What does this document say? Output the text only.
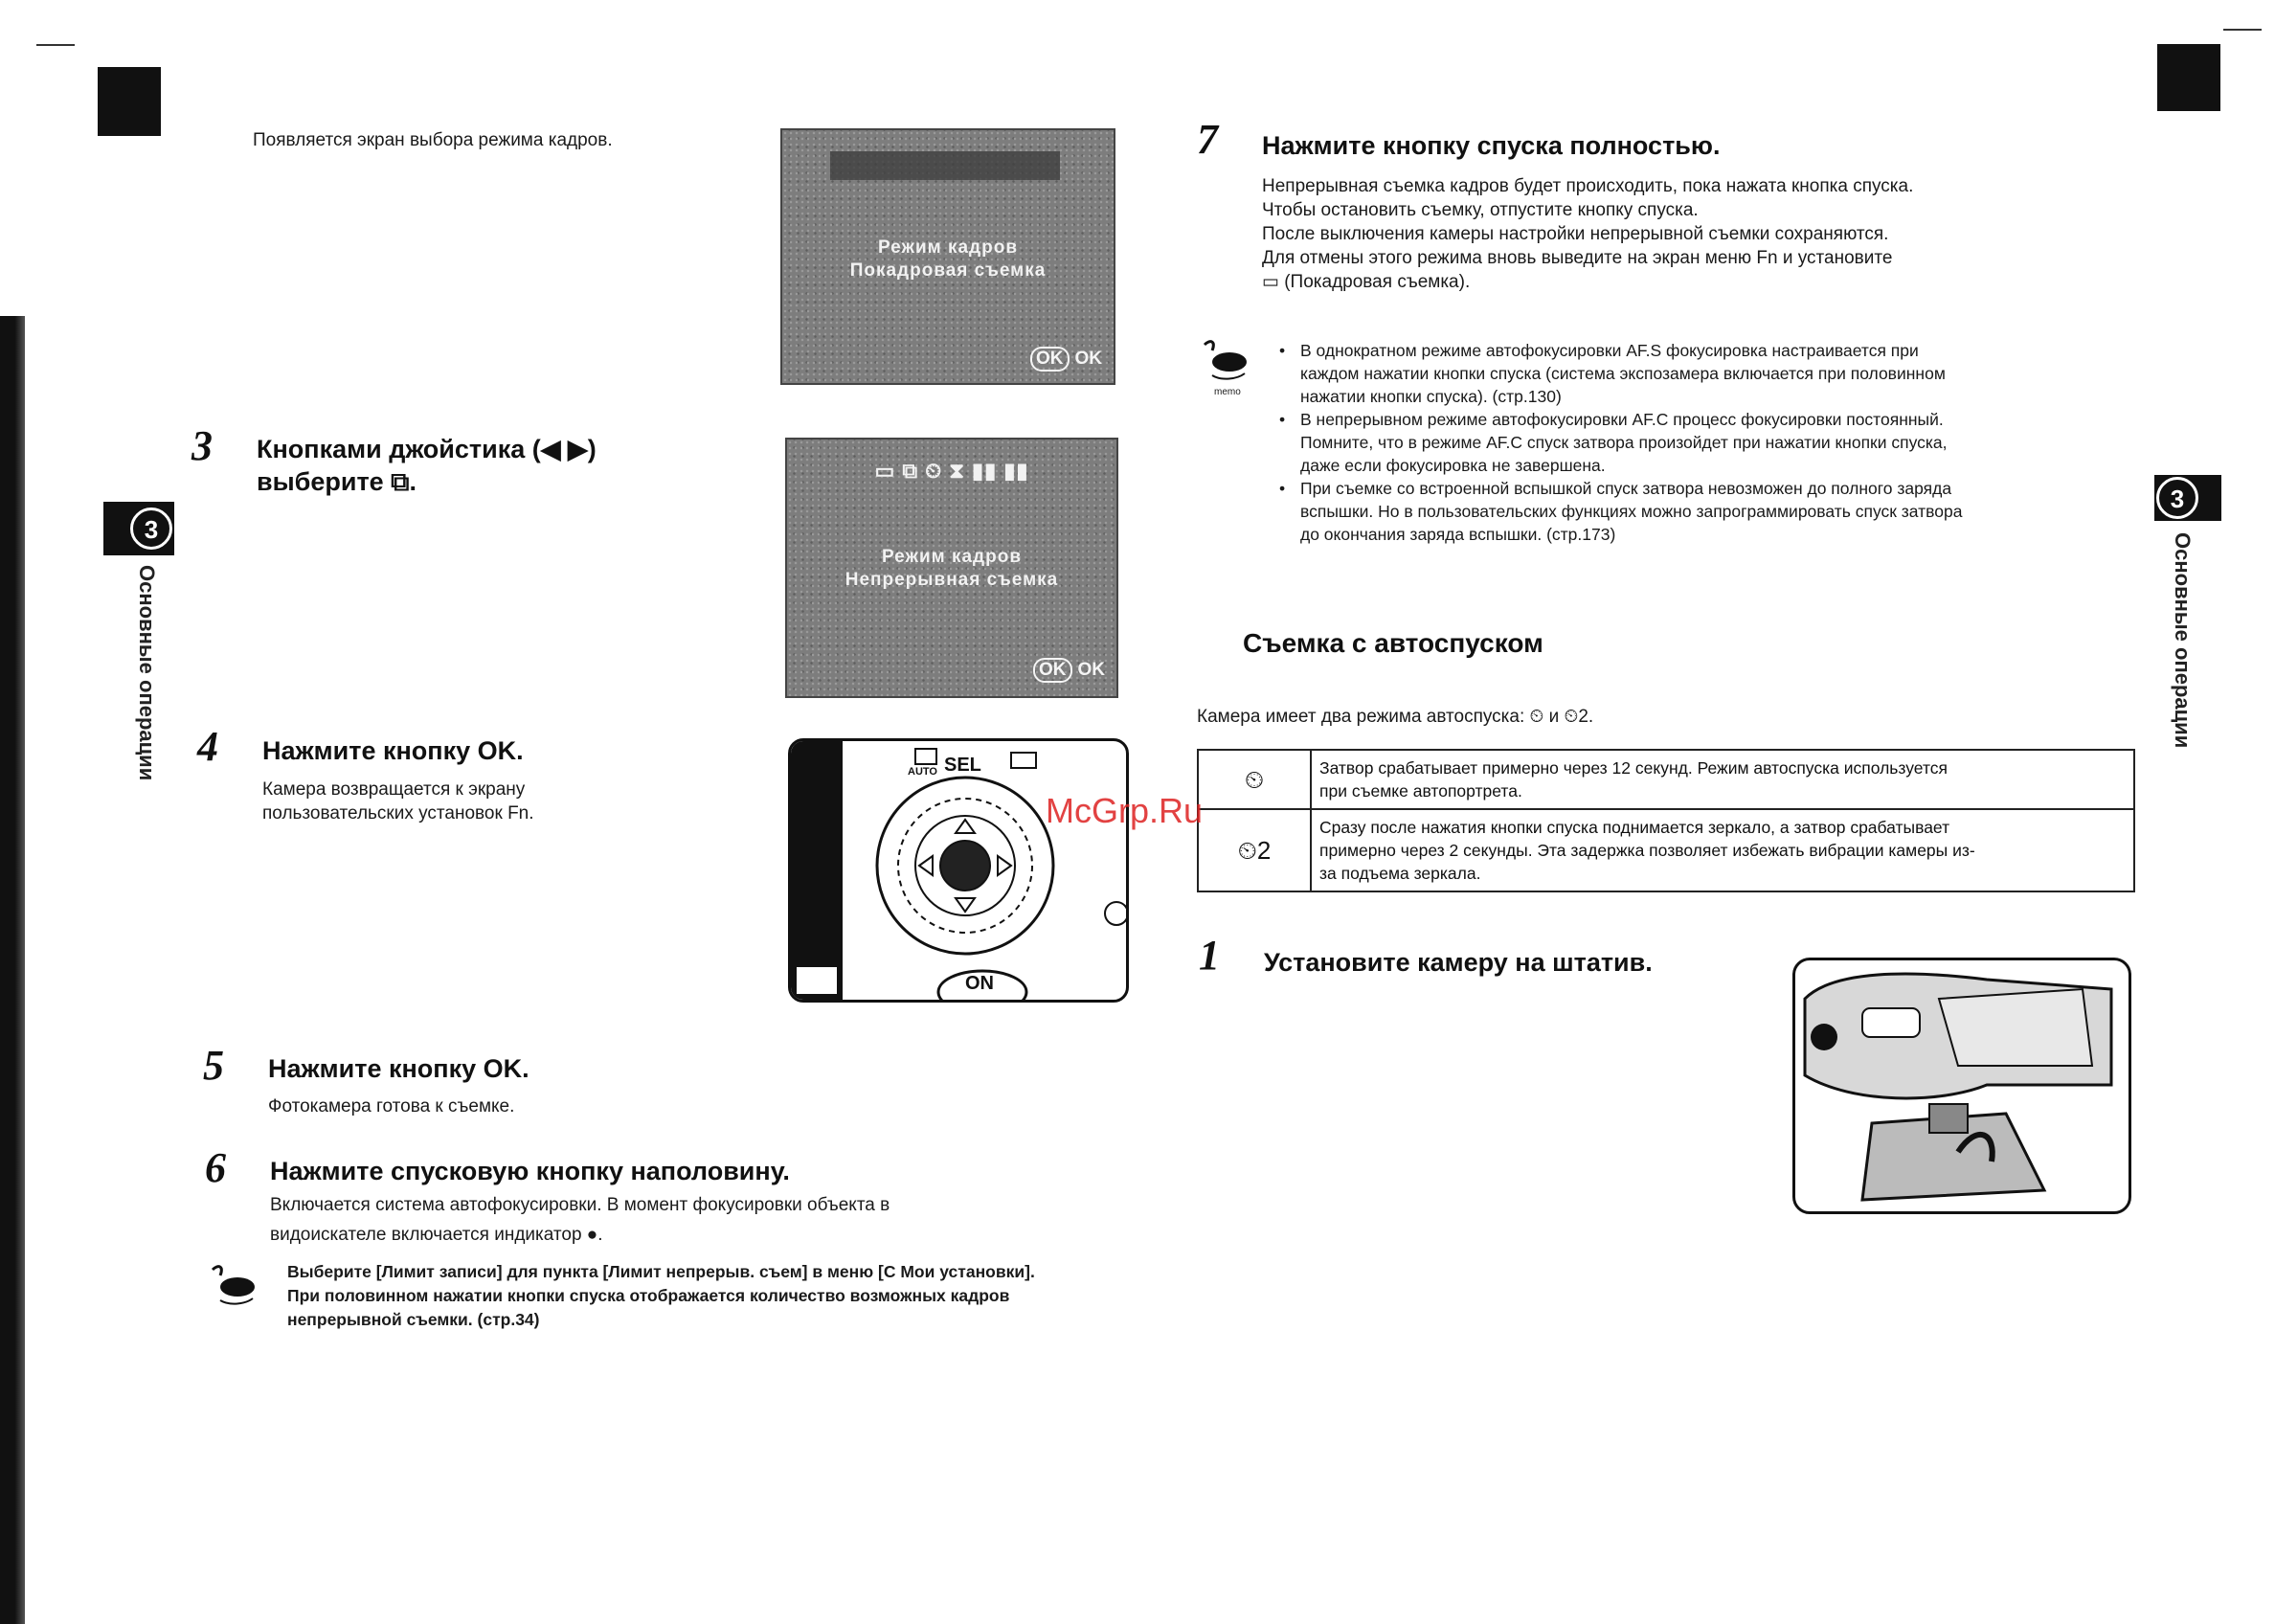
Появляется экран выбора режима кадров.
Режим кадров
Покадровая съемка
OK OK
3 Кнопками джойстика (◀ ▶)
выберите ⧉.	▭ ⧉ ⏲ ⧗ ▮▮ ▮▮
Режим кадров
Непрерывная съемка
OK OK
4 Нажмите кнопку OK.
Камера возвращается к экрану
пользовательских установок Fn.
AUTO SEL
ON
5 Нажмите кнопку OK.
Фотокамера готова к съемке.
6 Нажмите спусковую кнопку наполовину.
Включается система автофокусировки. В момент фокусировки объекта в
видоискателе включается индикатор ●.
Выберите [Лимит записи] для пункта [Лимит непрерыв. съем] в меню [C Мои установки].
При половинном нажатии кнопки спуска отображается количество возможных кадров
непрерывной съемки. (стр.34)
3
Основные операции
7 Нажмите кнопку спуска полностью.
Непрерывная съемка кадров будет происходить, пока нажата кнопка спуска.
Чтобы остановить съемку, отпустите кнопку спуска.
После выключения камеры настройки непрерывной съемки сохраняются.
Для отмены этого режима вновь выведите на экран меню Fn и установите
▭ (Покадровая съемка).
memo
• В однократном режиме автофокусировки AF.S фокусировка настраивается при
каждом нажатии кнопки спуска (система экспозамера включается при половинном
нажатии кнопки спуска). (стр.130)
• В непрерывном режиме автофокусировки AF.C процесс фокусировки постоянный.
Помните, что в режиме AF.C спуск затвора произойдет при нажатии кнопки спуска,
даже если фокусировка не завершена.
• При съемке со встроенной вспышкой спуск затвора невозможен до полного заряда
вспышки. Но в пользовательских функциях можно запрограммировать спуск затвора
до окончания заряда вспышки. (стр.173)
Съемка с автоспуском
Камера имеет два режима автоспуска: ⏲ и ⏲2.
⏲	Затвор срабатывает примерно через 12 секунд. Режим автоспуска используется
при съемке автопортрета.

⏲2	Сразу после нажатия кнопки спуска поднимается зеркало, а затвор срабатывает
примерно через 2 секунды. Эта задержка позволяет избежать вибрации камеры из-
за подъема зеркала.
McGrp.Ru
1 Установите камеру на штатив.
3
Основные операции
